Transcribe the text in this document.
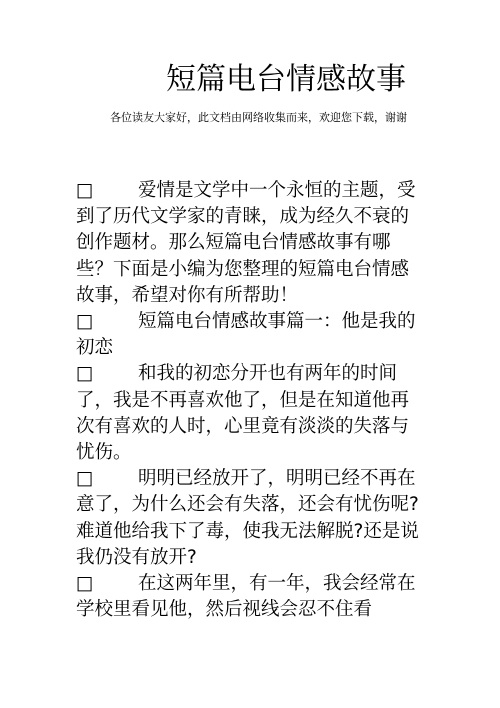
短篇电台情感故事

各位读友大家好，此文档由网络收集而来，欢迎您下载，谢谢

□ 爱情是文学中一个永恒的主题，受到了历代文学家的青睐，成为经久不衰的创作题材。那么短篇电台情感故事有哪些？下面是小编为您整理的短篇电台情感故事，希望对你有所帮助！

□ 短篇电台情感故事篇一：他是我的初恋

□ 和我的初恋分开也有两年的时间了，我是不再喜欢他了，但是在知道他再次有喜欢的人时，心里竟有淡淡的失落与忧伤。

□ 明明已经放开了，明明已经不再在意了，为什么还会有失落，还会有忧伤呢?难道他给我下了毒，使我无法解脱?还是说我仍没有放开?

□ 在这两年里，有一年，我会经常在学校里看见他，然后视线会忍不住看
